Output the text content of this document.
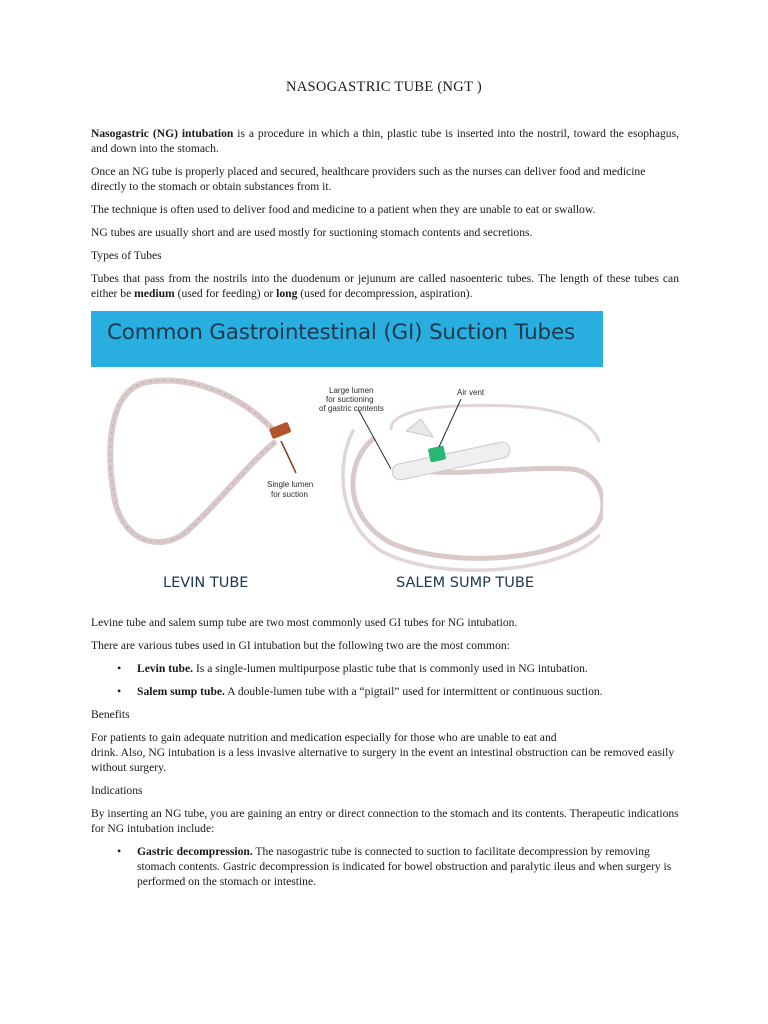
NASOGASTRIC TUBE (NGT )

Nasogastric (NG) intubation is a procedure in which a thin, plastic tube is inserted into the nostril, toward the esophagus, and down into the stomach.

Once an NG tube is properly placed and secured, healthcare providers such as the nurses can deliver food and medicine directly to the stomach or obtain substances from it.

The technique is often used to deliver food and medicine to a patient when they are unable to eat or swallow.

NG tubes are usually short and are used mostly for suctioning stomach contents and secretions.

Types of Tubes

Tubes that pass from the nostrils into the duodenum or jejunum are called nasoenteric tubes. The length of these tubes can either be medium (used for feeding) or long (used for decompression, aspiration).

Common Gastrointestinal (GI) Suction Tubes
Single lumen
for suction
Large lumen
for suctioning
of gastric contents
Air vent
LEVIN TUBE	SALEM SUMP TUBE

Levine tube and salem sump tube are two most commonly used GI tubes for NG intubation.

There are various tubes used in GI intubation but the following two are the most common:

• Levin tube. Is a single-lumen multipurpose plastic tube that is commonly used in NG intubation.
• Salem sump tube. A double-lumen tube with a “pigtail” used for intermittent or continuous suction.

Benefits

For patients to gain adequate nutrition and medication especially for those who are unable to eat and
drink. Also, NG intubation is a less invasive alternative to surgery in the event an intestinal obstruction can be removed easily without surgery.

Indications

By inserting an NG tube, you are gaining an entry or direct connection to the stomach and its contents. Therapeutic indications for NG intubation include:

• Gastric decompression. The nasogastric tube is connected to suction to facilitate decompression by removing stomach contents. Gastric decompression is indicated for bowel obstruction and paralytic ileus and when surgery is performed on the stomach or intestine.
